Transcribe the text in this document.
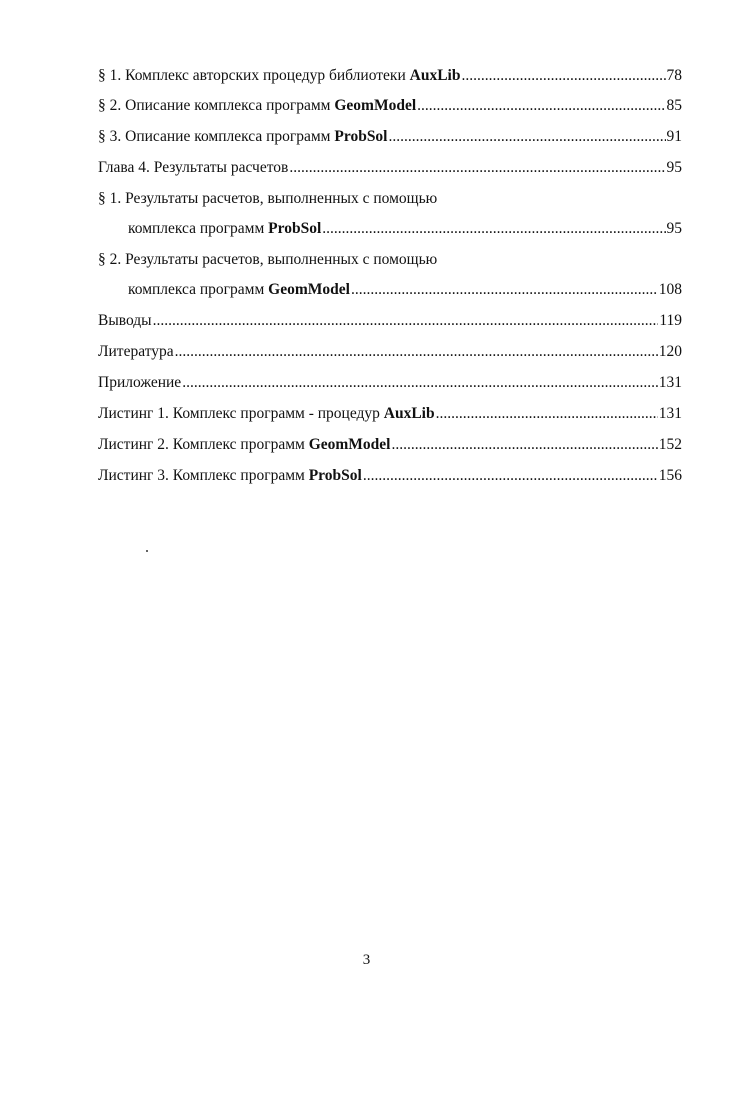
§ 1. Комплекс авторских процедур библиотеки AuxLib .....	78
§ 2. Описание комплекса программ GeomModel .....	85
§ 3. Описание комплекса программ ProbSol .....	91
Глава 4. Результаты расчетов .....	95
§ 1. Результаты расчетов, выполненных с помощью
комплекса программ ProbSol .....	95
§ 2. Результаты расчетов, выполненных с помощью
комплекса программ GeomModel .....	108
Выводы .....	119
Литература .....	120
Приложение .....	131
Листинг 1. Комплекс программ - процедур AuxLib .....	131
Листинг 2. Комплекс программ GeomModel .....	152
Листинг 3. Комплекс программ ProbSol .....	156
3
